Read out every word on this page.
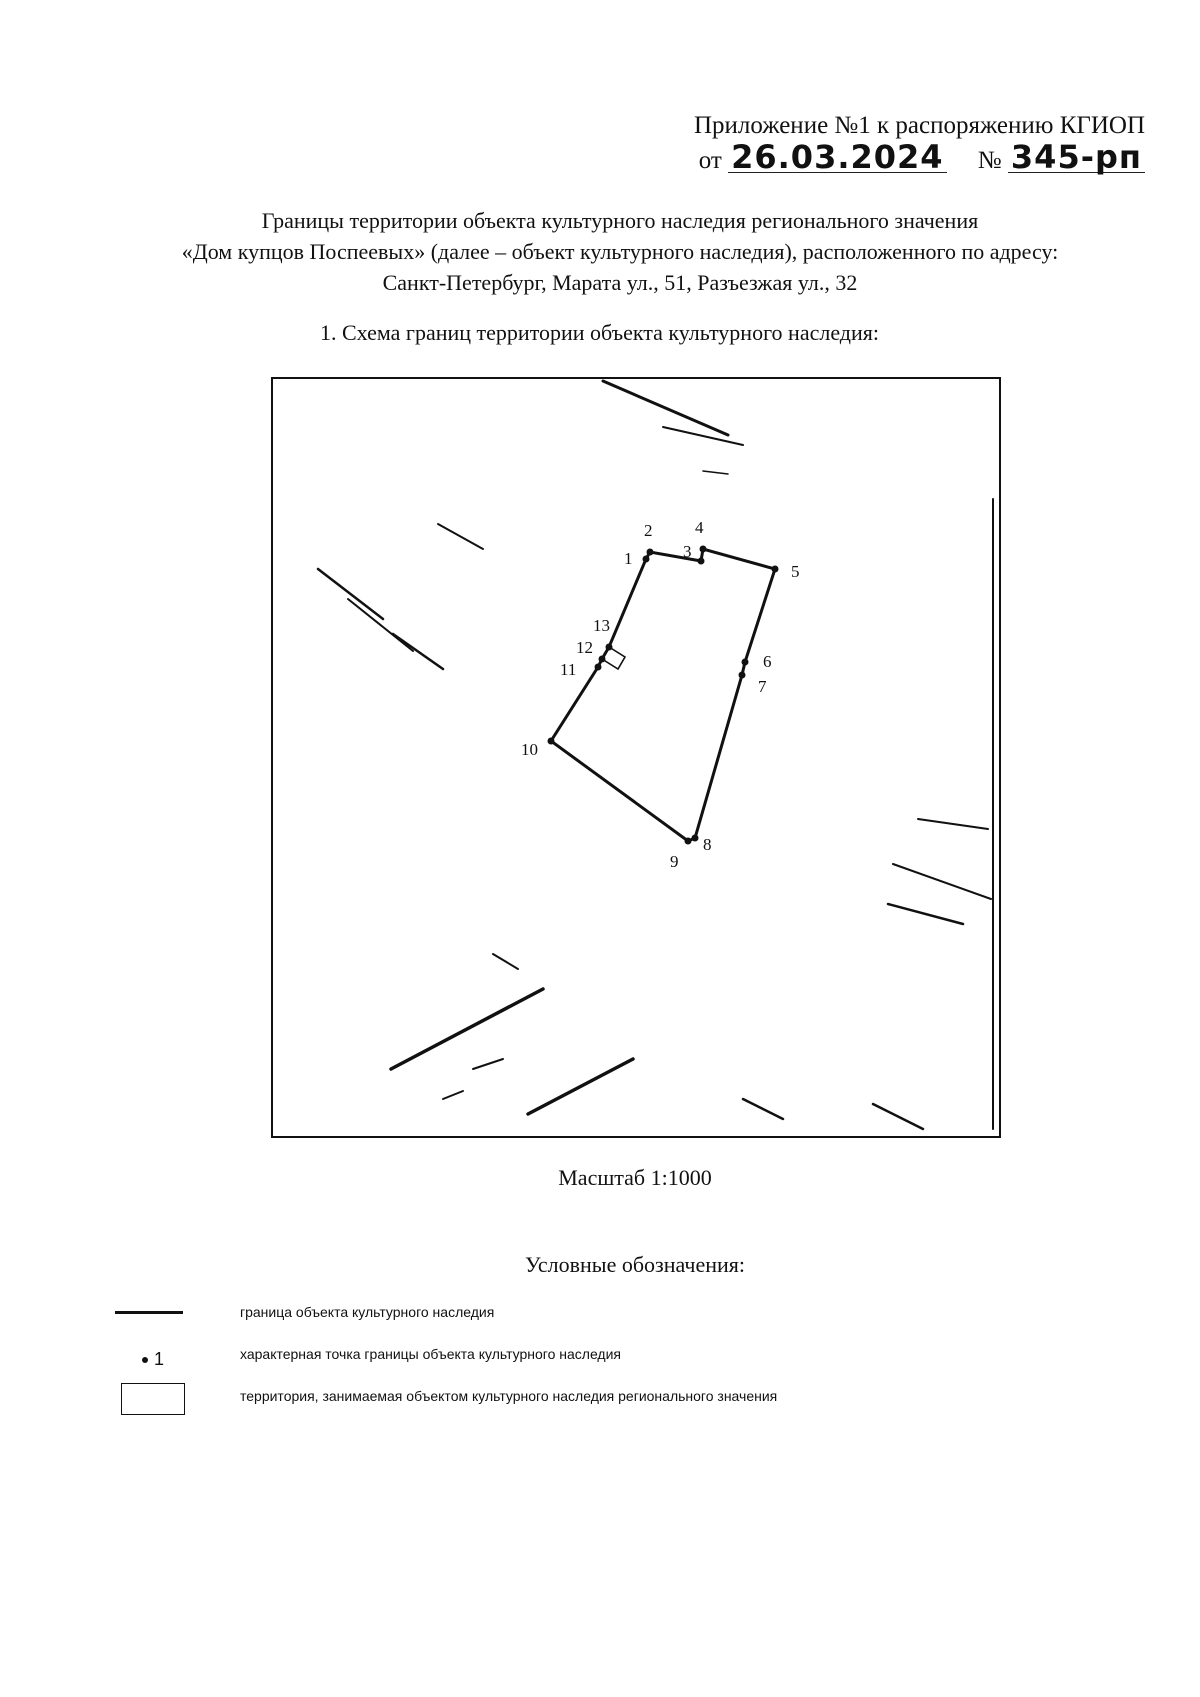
Приложение №1 к распоряжению КГИОП
от 26.03.2024 № 345-рп
Границы территории объекта культурного наследия регионального значения
«Дом купцов Поспеевых» (далее – объект культурного наследия), расположенного по адресу:
Санкт-Петербург, Марата ул., 51, Разъезжая ул., 32
1. Схема границ территории объекта культурного наследия:
1
2
3
4
5
6
7
8
9
10
11
12
13
Масштаб 1:1000
Условные обозначения:
граница объекта культурного наследия
1	характерная точка границы объекта культурного наследия
территория, занимаемая объектом культурного наследия регионального значения
